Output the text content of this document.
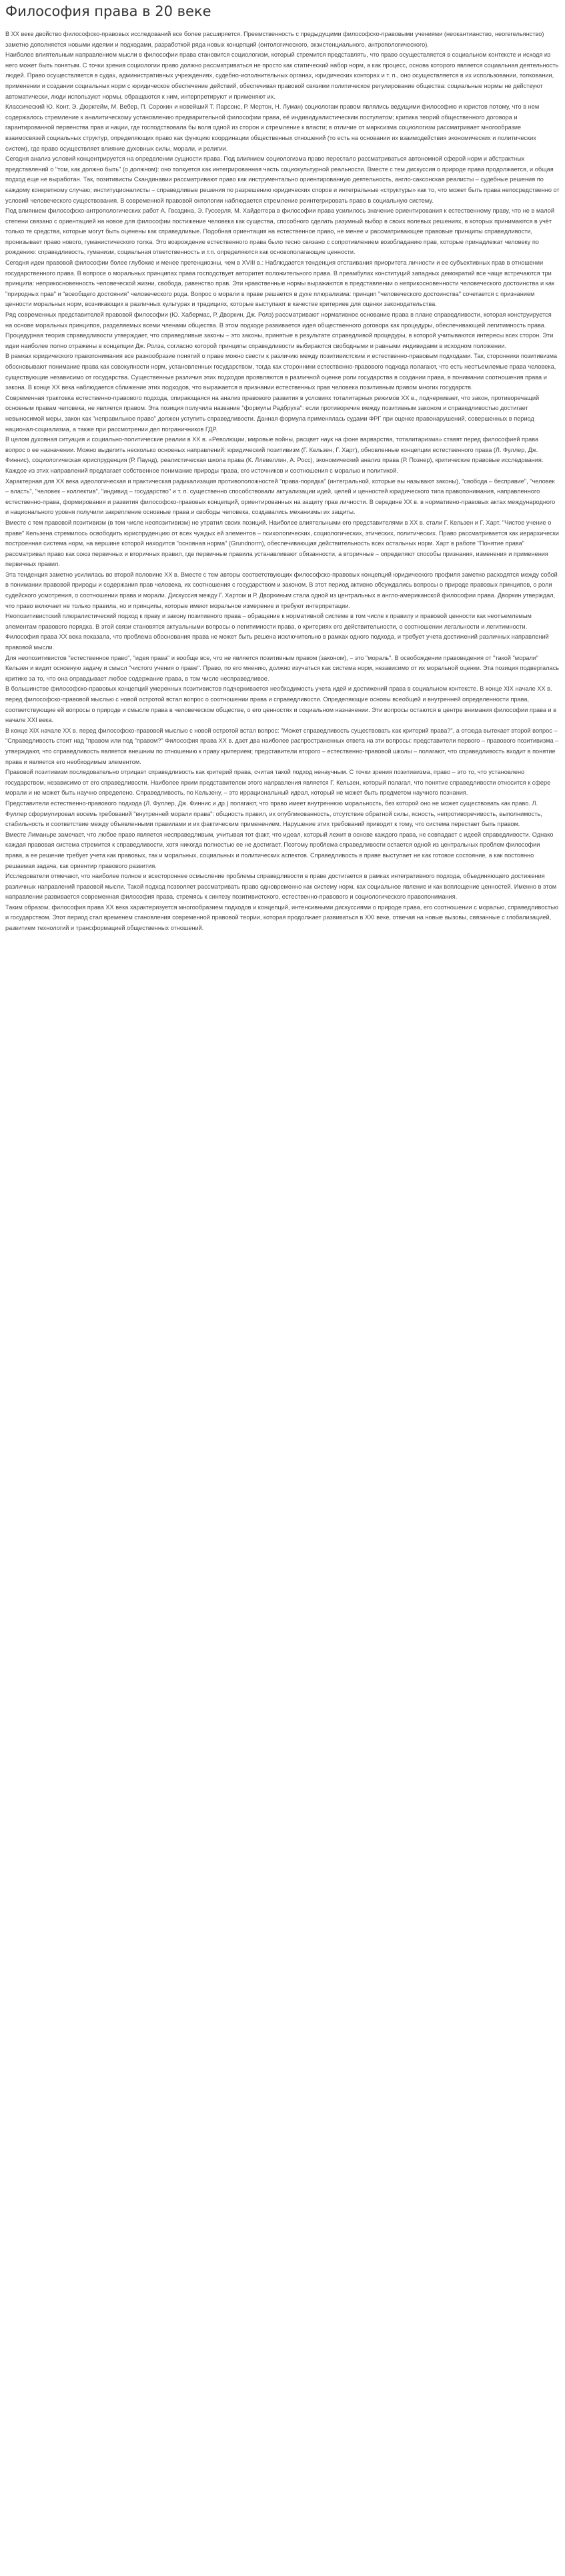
Философия права в 20 веке

В XX веке двойство философско-правовых исследований все более расширяется. Преемственность с предыдущими философско-правовыми учениями (неокантианство, неогегельянство) заметно дополняется новыми идеями и подходами, разработкой ряда новых концепций (онтологического, экзистенциального, антропологического).

Наиболее влиятельным направлением мысли в философии права становится социологизм, который стремится представлять, что право осуществляется в социальном контексте и исходя из него может быть понятым. С точки зрения социологии право должно рассматриваться не просто как статический набор норм, а как процесс, основа которого является социальная деятельность людей. Право осуществляется в судах, административных учреждениях, судебно-исполнительных органах, юридических конторах и т. п., оно осуществляется в их использовании, толковании, применении и создании социальных норм с юридическое обеспечение действий, обеспечивая правовой связями политическое регулирование общества: социальные нормы не действуют автоматически, люди используют нормы, обращаются к ним, интерпретируют и применяют их.

Классический Ю. Конт, Э. Дюркгейм, М. Вебер, П. Сорокин и новейший Т. Парсонс, Р. Мертон, Н. Луман) социологам правом являлись ведущими философию и юристов потому, что в нем содержалось стремление к аналитическому установлению предварительной философии права, её индивидуалистическим постулатом; критика теорий общественного договора и гарантированной первенства прав и нации, где господствовала бы воля одной из сторон и стремление к власти; в отличие от марксизма социологизм рассматривает многообразие взаимосвязей социальных структур, определяющих право как функцию координации общественных отношений (то есть на основании их взаимодействия экономических и политических систем), где право осуществляет влияние духовных силы, морали, и религии.

Сегодня анализ условий концентрируется на определении сущности права. Под влиянием социологизма право перестало рассматриваться автономной сферой норм и абстрактных представлений о "том, как должно быть" (о должном): оно толкуется как интегрированная часть социокультурной реальности. Вместе с тем дискуссия о природе права продолжается, и общая подход еще не выработан. Так, позитивисты Скандинавии рассматривают право как инструментально ориентированную деятельность, англо-саксонская реалисты – судебные решения по каждому конкретному случаю; институционалисты – справедливые решения по разрешению юридических споров и интегральные «структуры» как то, что может быть права непосредственно от условий человеческого существования. В современной правовой онтологии наблюдается стремление реинтегрировать право в социальную систему.

Под влиянием философско-антропологических работ А. Гвоздина, Э. Гуссерля, М. Хайдеггера в философии права усилилось значение ориентирования к естественному праву, что не в малой степени связано с ориентацией на новое для философии постижение человека как существа, способного сделать разумный выбор в своих волевых решениях, в которых принимаются в учёт только те средства, которые могут быть оценены как справедливые. Подобная ориентация на естественное право, не менее и рассматривающее правовые принципы справедливости, пронизывает право нового, гуманистического толка. Это возрождение естественного права было тесно связано с сопротивлением возобладанию прав, которые принадлежат человеку по рождению: справедливость, гуманизм, социальная ответственность и т.п. определяются как основополагающие ценности.

Сегодня идеи правовой философии более глубокие и менее претенциозны, чем в XVIII в.: Наблюдается тенденция отстаивания приоритета личности и ее субъективных прав в отношении государственного права. В вопросе о моральных принципах права господствует авторитет положительного права. В преамбулах конституций западных демократий все чаще встречаются три принципа: неприкосновенность человеческой жизни, свобода, равенство прав. Эти нравственные нормы выражаются в представлении о неприкосновенности человеческого достоинства и как "природных прав" и "всеобщего достояния" человеческого рода. Вопрос о морали в праве решается в духе плюрализма: принцип "человеческого достоинства" сочетается с признанием ценности моральных норм, возникающих в различных культурах и традициях, которые выступают в качестве критериев для оценки законодательства.

Ряд современных представителей правовой философии (Ю. Хабермас, Р. Дворкин, Дж. Ролз) рассматривают нормативное основание права в плане справедливости, которая конструируется на основе моральных принципов, разделяемых всеми членами общества. В этом подходе развивается идея общественного договора как процедуры, обеспечивающей легитимность права. Процедурная теория справедливости утверждает, что справедливые законы – это законы, принятые в результате справедливой процедуры, в которой учитываются интересы всех сторон. Эти идеи наиболее полно отражены в концепции Дж. Ролза, согласно которой принципы справедливости выбираются свободными и равными индивидами в исходном положении.

В рамках юридического правопонимания все разнообразие понятий о праве можно свести к различию между позитивистским и естественно-правовым подходами. Так, сторонники позитивизма обосновывают понимание права как совокупности норм, установленных государством, тогда как сторонники естественно-правового подхода полагают, что есть неотъемлемые права человека, существующие независимо от государства. Существенные различия этих подходов проявляются в различной оценке роли государства в создании права, в понимании соотношения права и закона. В конце XX века наблюдается сближение этих подходов, что выражается в признании естественных прав человека позитивным правом многих государств.

Современная трактовка естественно-правового подхода, опирающаяся на анализ правового развития в условиях тоталитарных режимов XX в., подчеркивает, что закон, противоречащий основным правам человека, не является правом. Эта позиция получила название "формулы Радбруха": если противоречие между позитивным законом и справедливостью достигает невыносимой меры, закон как "неправильное право" должен уступить справедливости. Данная формула применялась судами ФРГ при оценке правонарушений, совершенных в период национал-социализма, а также при рассмотрении дел пограничников ГДР.

В целом духовная ситуация и социально-политические реалии в XX в. «Революции, мировые войны, расцвет наук на фоне варварства, тоталитаризма» ставят перед философией права вопрос о ее назначении. Можно выделить несколько основных направлений: юридический позитивизм (Г. Кельзен, Г. Харт), обновленные концепции естественного права (Л. Фуллер, Дж. Финнис), социологическая юриспруденция (Р. Паунд), реалистическая школа права (К. Ллевеллин, А. Росс), экономический анализ права (Р. Познер), критические правовые исследования. Каждое из этих направлений предлагает собственное понимание природы права, его источников и соотношения с моралью и политикой.

Характерная для XX века идеологическая и практическая радикализация противоположностей "права-порядка" (интегральной, которые вы называют законы), "свобода – бесправие", "человек – власть", "человек – коллектив", "индивид – государство" и т. п. существенно способствовали актуализации идей, целей и ценностей юридического типа правопонимания, направленного естественно-права, формирования и развития философско-правовых концепций, ориентированных на защиту прав личности. В середине XX в. в нормативно-правовых актах международного и национального уровня получили закрепление основные права и свободы человека, создавались механизмы их защиты.

Вместе с тем правовой позитивизм (в том числе неопозитивизм) не утратил своих позиций. Наиболее влиятельными его представителями в XX в. стали Г. Кельзен и Г. Харт. "Чистое учение о праве" Кельзена стремилось освободить юриспруденцию от всех чуждых ей элементов – психологических, социологических, этических, политических. Право рассматривается как иерархически построенная система норм, на вершине которой находится "основная норма" (Grundnorm), обеспечивающая действительность всех остальных норм. Харт в работе "Понятие права" рассматривал право как союз первичных и вторичных правил, где первичные правила устанавливают обязанности, а вторичные – определяют способы признания, изменения и применения первичных правил.

Эта тенденция заметно усилилась во второй половине XX в. Вместе с тем авторы соответствующих философско-правовых концепций юридического профиля заметно расходятся между собой в понимании правовой природы и содержания прав человека, их соотношения с государством и законом. В этот период активно обсуждались вопросы о природе правовых принципов, о роли судейского усмотрения, о соотношении права и морали. Дискуссия между Г. Хартом и Р. Дворкиным стала одной из центральных в англо-американской философии права. Дворкин утверждал, что право включает не только правила, но и принципы, которые имеют моральное измерение и требуют интерпретации.

Неопозитивистский плюралистический подход к праву и закону позитивного права – обращение к нормативной системе в том числе к правилу и правовой ценности как неотъемлемым элементам правового порядка. В этой связи становятся актуальными вопросы о легитимности права, о критериях его действительности, о соотношении легальности и легитимности. Философия права XX века показала, что проблема обоснования права не может быть решена исключительно в рамках одного подхода, и требует учета достижений различных направлений правовой мысли.

Для неопозитивистов "естественное право", "идея права" и вообще все, что не является позитивным правом (законом), – это "мораль". В освобождении правоведения от "такой "морали" Кельзен и видит основную задачу и смысл "чистого учения о праве". Право, по его мнению, должно изучаться как система норм, независимо от их моральной оценки. Эта позиция подвергалась критике за то, что она оправдывает любое содержание права, в том числе несправедливое.

В большинстве философско-правовых концепций умеренных позитивистов подчеркивается необходимость учета идей и достижений права в социальном контексте. В конце XIX начале XX в. перед философско-правовой мыслью с новой остротой встал вопрос о соотношении права и справедливости. Определяющие основы всеобщей и внутренней определенности права, соответствующие ей вопросы о природе и смысле права в человеческом обществе, о его ценностях и социальном назначении. Эти вопросы остаются в центре внимания философии права и в начале XXI века.

В конце XIX начале XX в. перед философско-правовой мыслью с новой остротой встал вопрос: "Может справедливость существовать как критерий права?", а отсюда вытекает второй вопрос – "Справедливость стоит над "правом или под "правом?" Философия права XX в. дает два наиболее распространенных ответа на эти вопросы: представители первого – правового позитивизма – утверждают, что справедливость является внешним по отношению к праву критерием; представители второго – естественно-правовой школы – полагают, что справедливость входит в понятие права и является его необходимым элементом.

Правовой позитивизм последовательно отрицает справедливость как критерий права, считая такой подход ненаучным. С точки зрения позитивизма, право – это то, что установлено государством, независимо от его справедливости. Наиболее ярким представителем этого направления является Г. Кельзен, который полагал, что понятие справедливости относится к сфере морали и не может быть научно определено. Справедливость, по Кельзену, – это иррациональный идеал, который не может быть предметом научного познания.

Представители естественно-правового подхода (Л. Фуллер, Дж. Финнис и др.) полагают, что право имеет внутреннюю моральность, без которой оно не может существовать как право. Л. Фуллер сформулировал восемь требований "внутренней морали права": общность правил, их опубликованность, отсутствие обратной силы, ясность, непротиворечивость, выполнимость, стабильность и соответствие между объявленными правилами и их фактическим применением. Нарушение этих требований приводит к тому, что система перестает быть правом.

Вместе Лиманьре замечает, что любое право является несправедливым, учитывая тот факт, что идеал, который лежит в основе каждого права, не совпадает с идеей справедливости. Однако каждая правовая система стремится к справедливости, хотя никогда полностью ее не достигает. Поэтому проблема справедливости остается одной из центральных проблем философии права, а ее решение требует учета как правовых, так и моральных, социальных и политических аспектов. Справедливость в праве выступает не как готовое состояние, а как постоянно решаемая задача, как ориентир правового развития.

Исследователи отмечают, что наиболее полное и всестороннее осмысление проблемы справедливости в праве достигается в рамках интегративного подхода, объединяющего достижения различных направлений правовой мысли. Такой подход позволяет рассматривать право одновременно как систему норм, как социальное явление и как воплощение ценностей. Именно в этом направлении развивается современная философия права, стремясь к синтезу позитивистского, естественно-правового и социологического правопонимания.

Таким образом, философия права XX века характеризуется многообразием подходов и концепций, интенсивными дискуссиями о природе права, его соотношении с моралью, справедливостью и государством. Этот период стал временем становления современной правовой теории, которая продолжает развиваться в XXI веке, отвечая на новые вызовы, связанные с глобализацией, развитием технологий и трансформацией общественных отношений.
